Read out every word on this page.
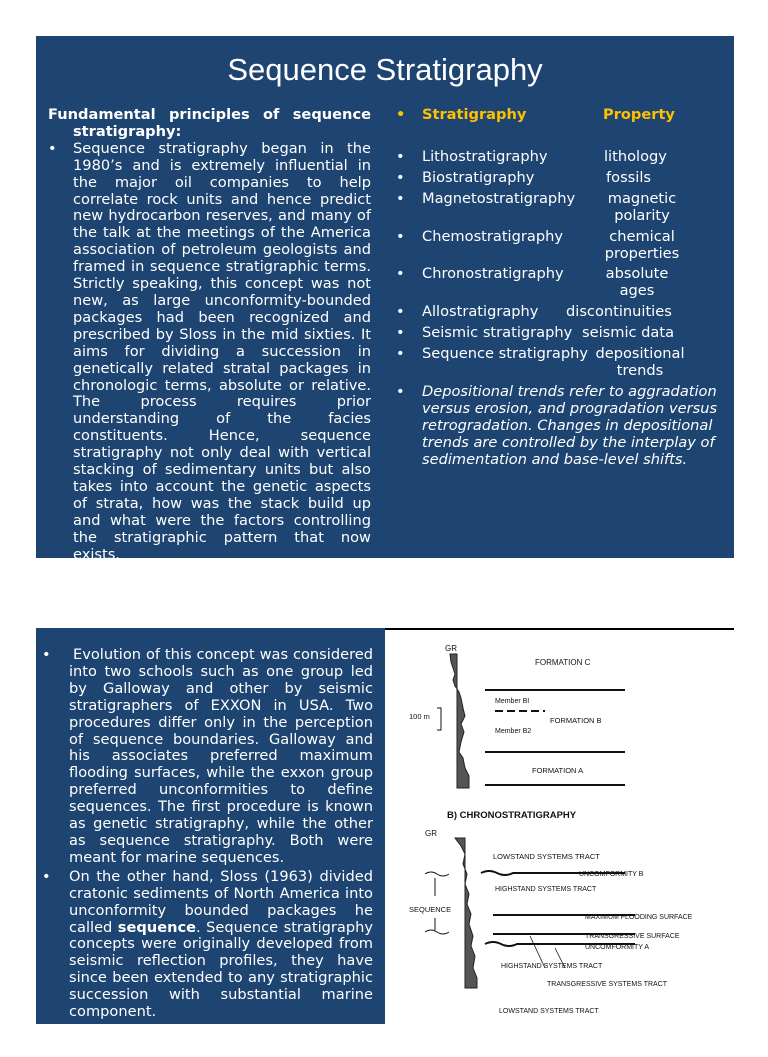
Sequence Stratigraphy
Fundamental principles of sequence
stratigraphy:
• Sequence stratigraphy began in the 1980’s and is extremely influential in the major oil companies to help correlate rock units and hence predict new hydrocarbon reserves, and many of the talk at the meetings of the America association of petroleum geologists and framed in sequence stratigraphic terms. Strictly speaking, this concept was not new, as large unconformity-bounded packages had been recognized and prescribed by Sloss in the mid sixties. It aims for dividing a succession in genetically related stratal packages in chronologic terms, absolute or relative. The process requires prior understanding of the facies constituents. Hence, sequence stratigraphy not only deal with vertical stacking of sedimentary units but also takes into account the genetic aspects of strata, how was the stack build up and what were the factors controlling the stratigraphic pattern that now exists.
• Stratigraphy	Property
• Lithostratigraphy	lithology
• Biostratigraphy	fossils
• Magnetostratigraphy	magnetic polarity
• Chemostratigraphy	chemical properties
• Chronostratigraphy	absolute ages
• Allostratigraphy discontinuities
• Seismic stratigraphy seismic data
• Sequence stratigraphy depositional trends
• Depositional trends refer to aggradation versus erosion, and progradation versus retrogradation. Changes in depositional trends are controlled by the interplay of sedimentation and base-level shifts.
• Evolution of this concept was considered into two schools such as one group led by Galloway and other by seismic stratigraphers of EXXON in USA. Two procedures differ only in the perception of sequence boundaries. Galloway and his associates preferred maximum flooding surfaces, while the exxon group preferred unconformities to define sequences. The first procedure is known as genetic stratigraphy, while the other as sequence stratigraphy. Both were meant for marine sequences.
• On the other hand, Sloss (1963) divided cratonic sediments of North America into unconformity bounded packages he called sequence. Sequence stratigraphy concepts were originally developed from seismic reflection profiles, they have since been extended to any stratigraphic succession with substantial marine component.
• Vail et al (1977), Mitchum (1977) and Van
GR
FORMATION C
Member BI
FORMATION B
Member B2
100 m
FORMATION A
B) CHRONOSTRATIGRAPHY
GR
SEQUENCE
LOWSTAND SYSTEMS TRACT
UNCOMFORMITY B
HIGHSTAND SYSTEMS TRACT
MAXIMUM FLOODING SURFACE
TRANSGRESSIVE SURFACE
UNCOMFORMITY A
HIGHSTAND SYSTEMS TRACT
TRANSGRESSIVE SYSTEMS TRACT
LOWSTAND SYSTEMS TRACT
